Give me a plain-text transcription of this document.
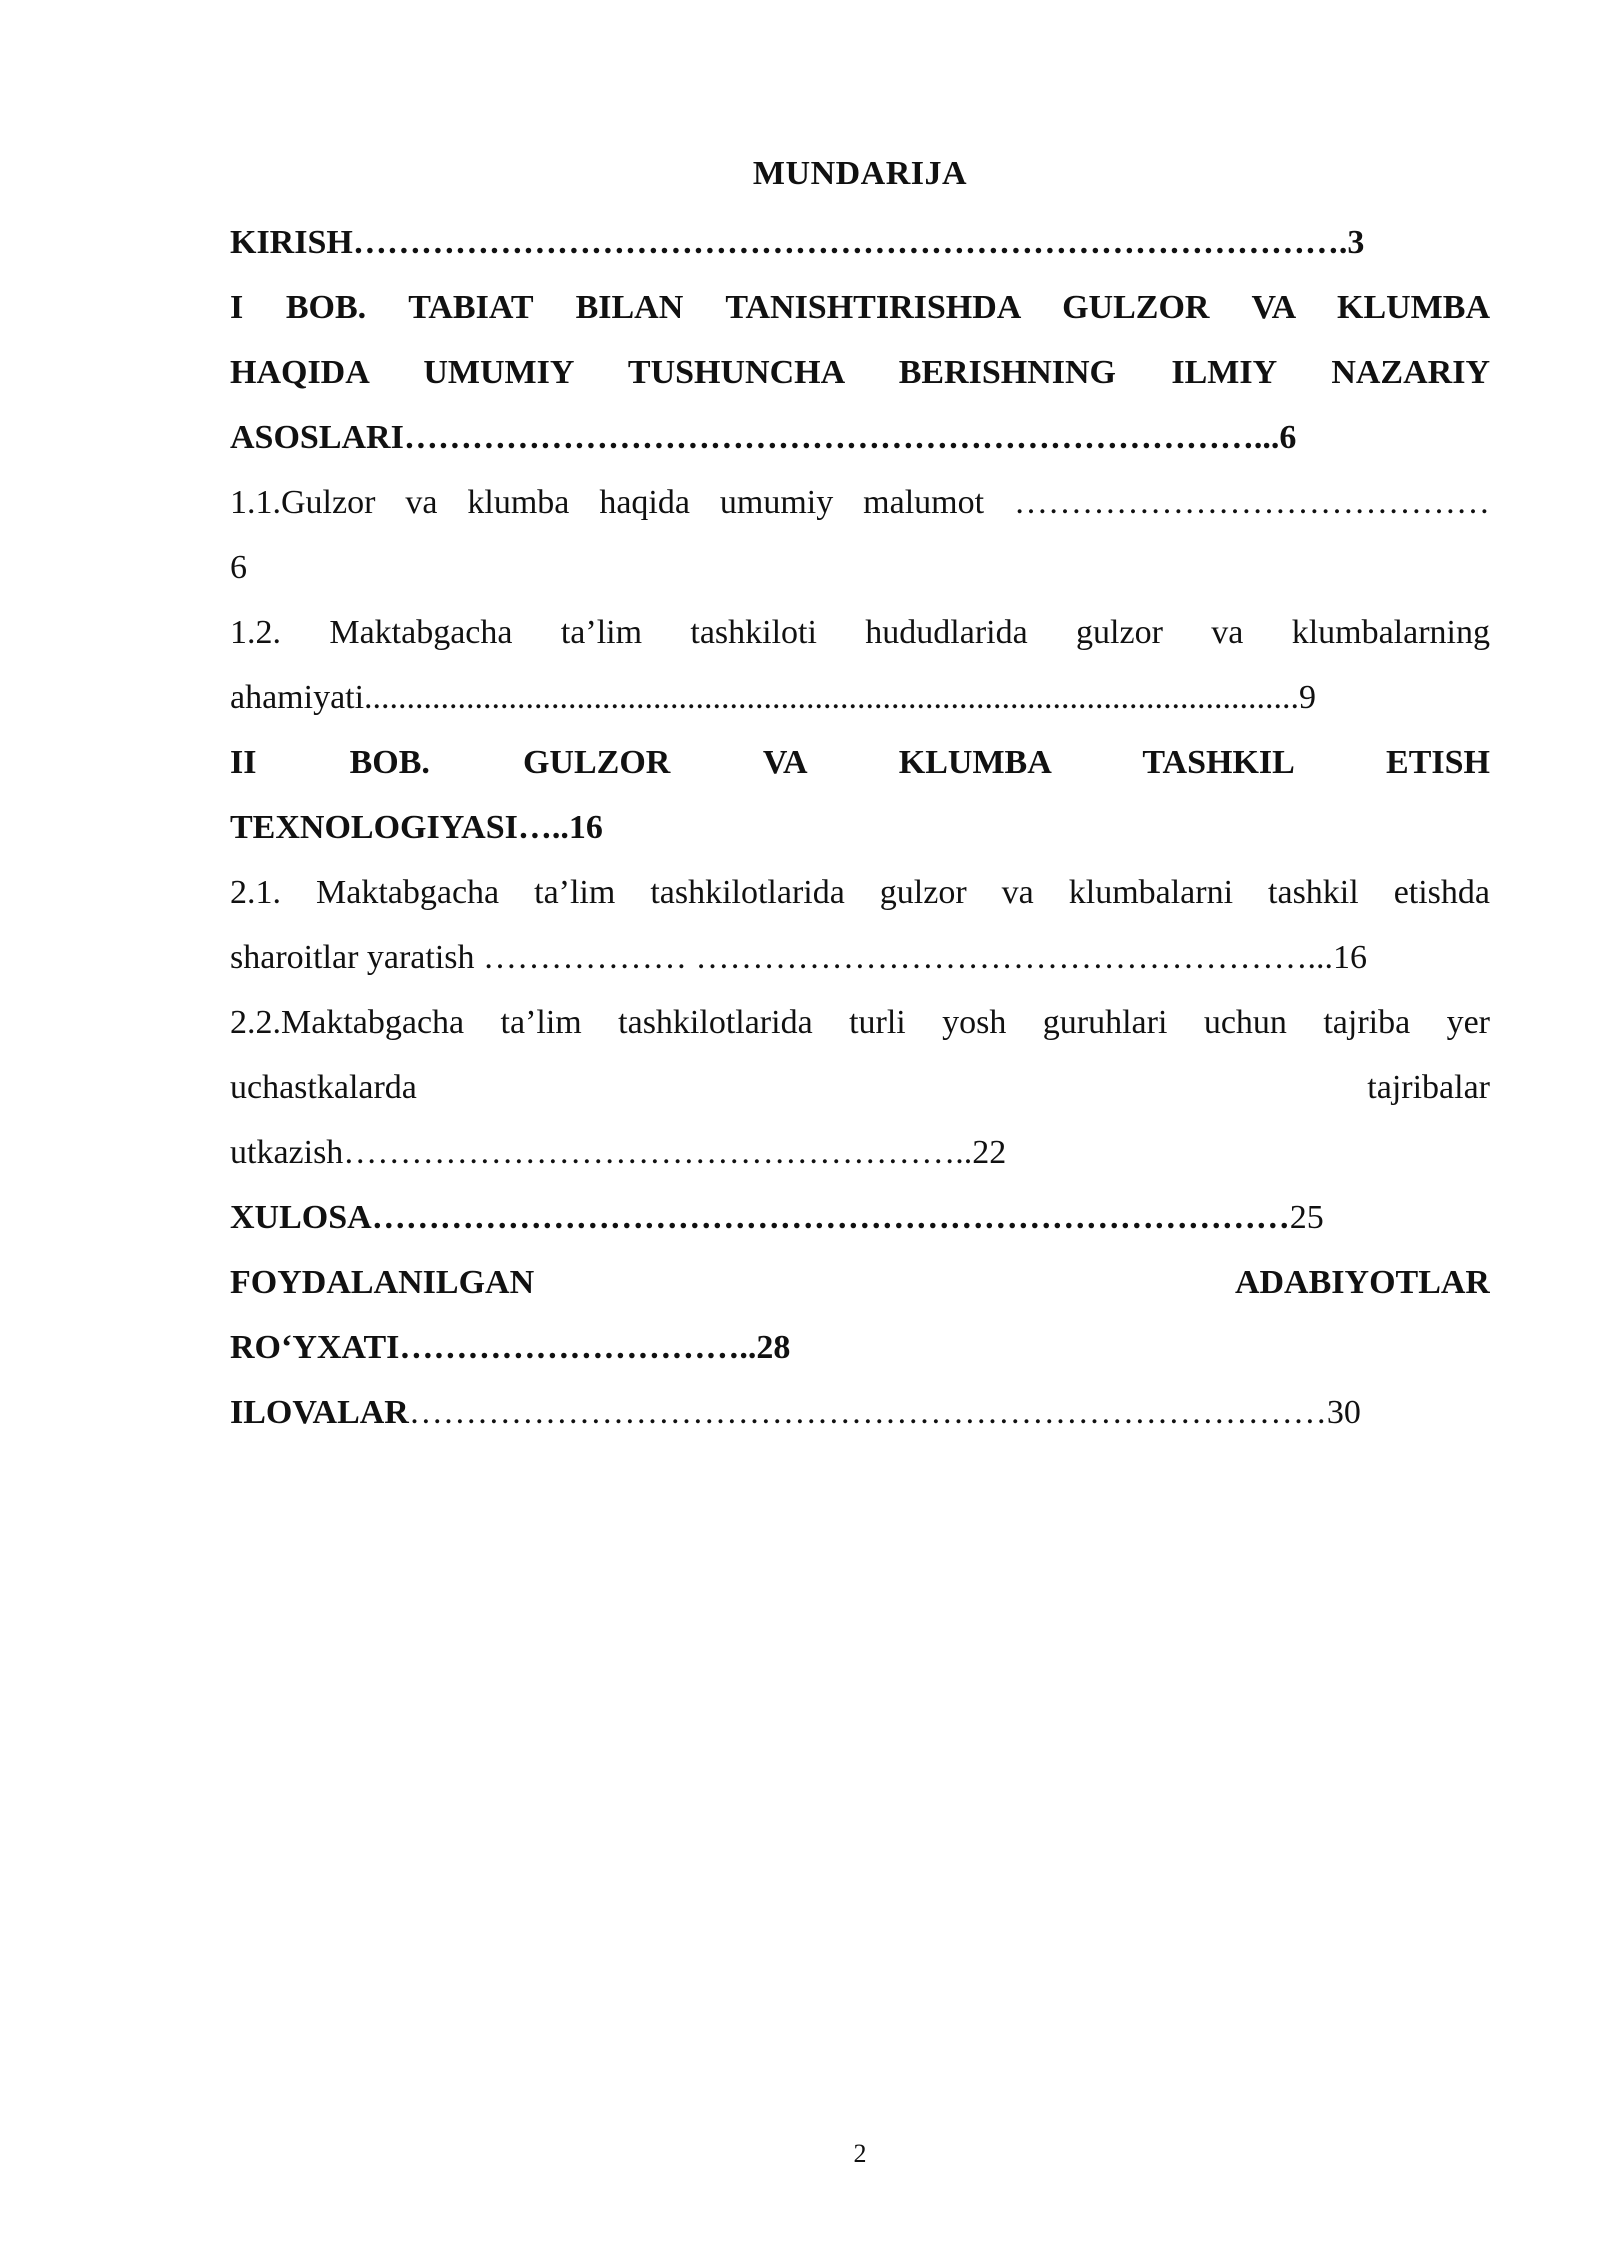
MUNDARIJA
KIRISH…………………………………………………………………………….3
I BOB. TABIAT BILAN TANISHTIRISHDA GULZOR VA KLUMBA
HAQIDA UMUMIY TUSHUNCHA BERISHNING ILMIY NAZARIY
ASOSLARI…………………………………………………………………...6
1.1.Gulzor va klumba haqida umumiy malumot ……………………………………
6
1.2. Maktabgacha ta’lim tashkiloti hududlarida gulzor va klumbalarning
ahamiyati..............................................................................................................9
II BOB. GULZOR VA KLUMBA TASHKIL ETISH
TEXNOLOGIYASI…..16
2.1. Maktabgacha ta’lim tashkilotlarida gulzor va klumbalarni tashkil etishda
sharoitlar yaratish ……………… ………………………………………………...16
2.2.Maktabgacha ta’lim tashkilotlarida turli yosh guruhlari uchun tajriba yer
uchastkalarda	tajribalar
utkazish………………………………………………..22
XULOSA………………………………………………………………………25
FOYDALANILGAN	ADABIYOTLAR
RO‘YXATI…………………………..28
ILOVALAR………………………………………………………………………30
2
